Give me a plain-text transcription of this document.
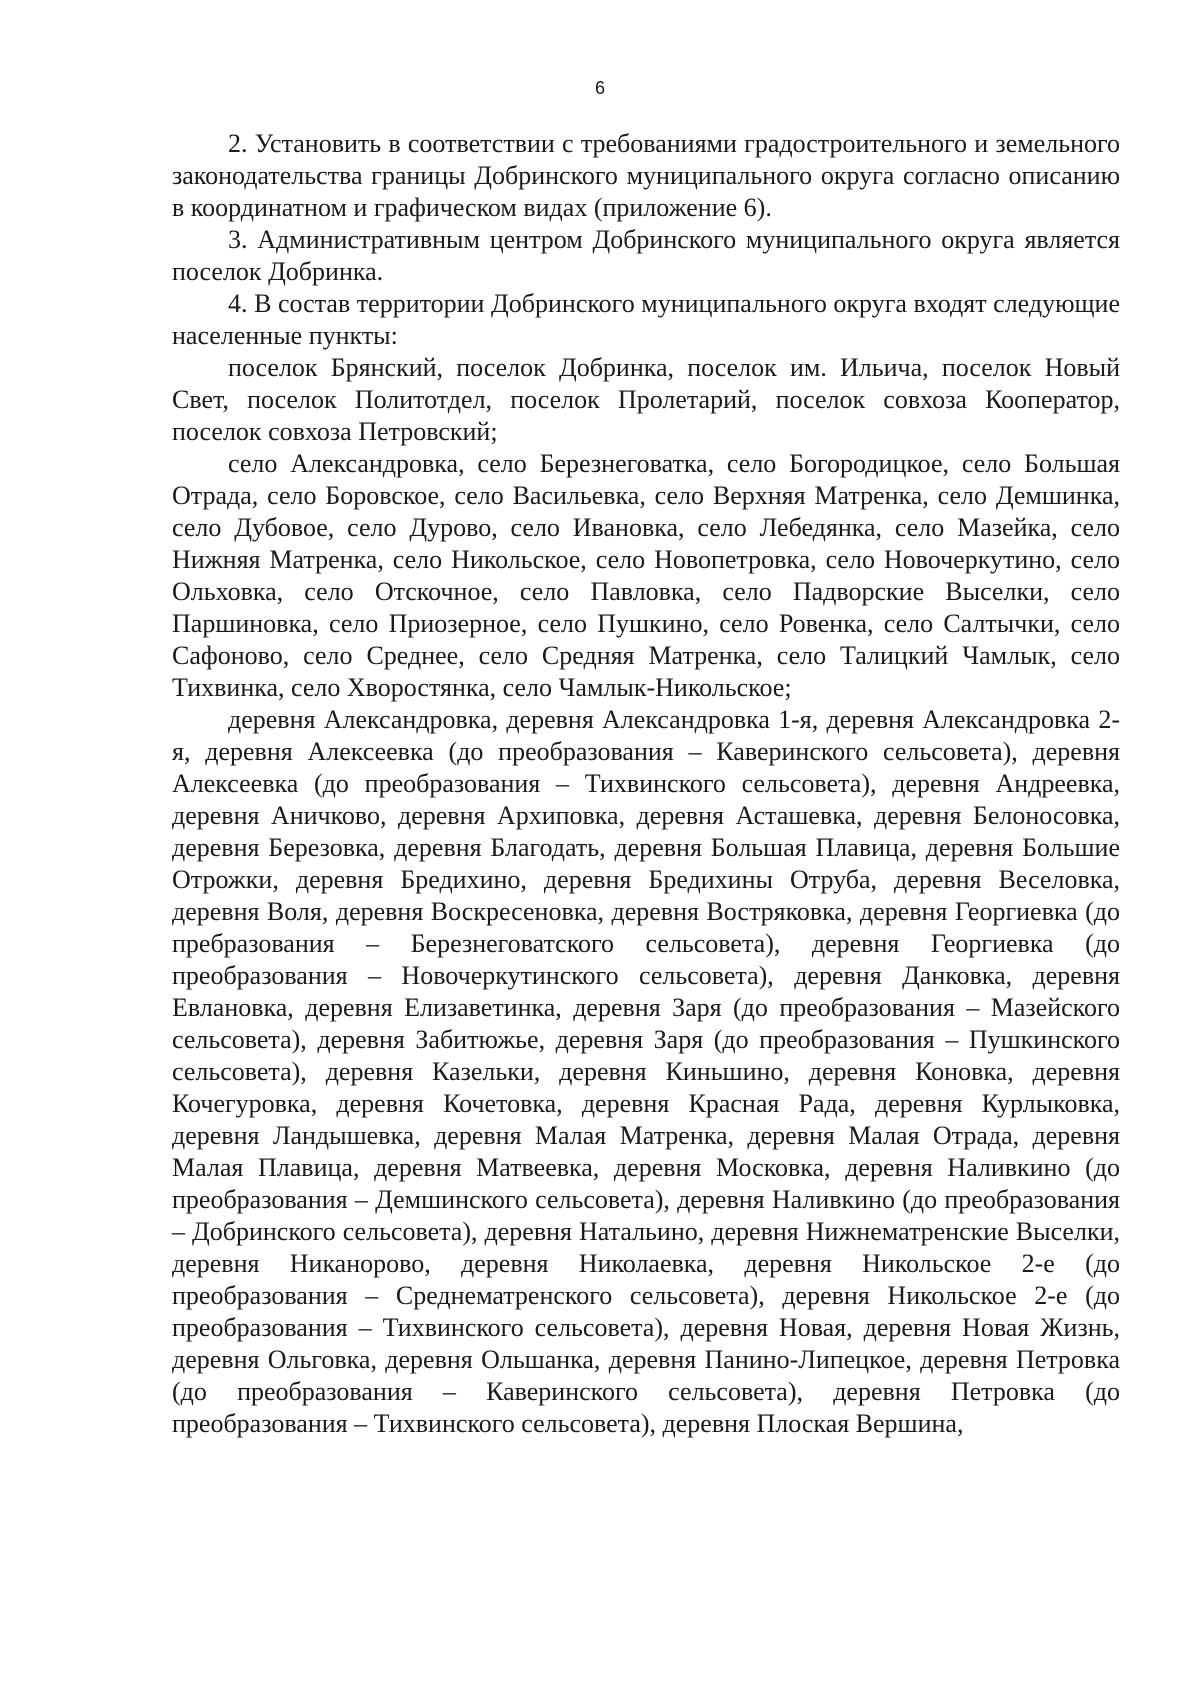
6

2. Установить в соответствии с требованиями градостроительного и земельного законодательства границы Добринского муниципального округа согласно описанию в координатном и графическом видах (приложение 6).

3. Административным центром Добринского муниципального округа является поселок Добринка.

4. В состав территории Добринского муниципального округа входят следующие населенные пункты:

поселок Брянский, поселок Добринка, поселок им. Ильича, поселок Новый Свет, поселок Политотдел, поселок Пролетарий, поселок совхоза Кооператор, поселок совхоза Петровский;

село Александровка, село Березнеговатка, село Богородицкое, село Большая Отрада, село Боровское, село Васильевка, село Верхняя Матренка, село Демшинка, село Дубовое, село Дурово, село Ивановка, село Лебедянка, село Мазейка, село Нижняя Матренка, село Никольское, село Новопетровка, село Новочеркутино, село Ольховка, село Отскочное, село Павловка, село Падворские Выселки, село Паршиновка, село Приозерное, село Пушкино, село Ровенка, село Салтычки, село Сафоново, село Среднее, село Средняя Матренка, село Талицкий Чамлык, село Тихвинка, село Хворостянка, село Чамлык-Никольское;

деревня Александровка, деревня Александровка 1-я, деревня Александровка 2-я, деревня Алексеевка (до преобразования – Каверинского сельсовета), деревня Алексеевка (до преобразования – Тихвинского сельсовета), деревня Андреевка, деревня Аничково, деревня Архиповка, деревня Асташевка, деревня Белоносовка, деревня Березовка, деревня Благодать, деревня Большая Плавица, деревня Большие Отрожки, деревня Бредихино, деревня Бредихины Отруба, деревня Веселовка, деревня Воля, деревня Воскресеновка, деревня Востряковка, деревня Георгиевка (до пребразования – Березнеговатского сельсовета), деревня Георгиевка (до преобразования – Новочеркутинского сельсовета), деревня Данковка, деревня Евлановка, деревня Елизаветинка, деревня Заря (до преобразования – Мазейского сельсовета), деревня Забитюжье, деревня Заря (до преобразования – Пушкинского сельсовета), деревня Казельки, деревня Киньшино, деревня Коновка, деревня Кочегуровка, деревня Кочетовка, деревня Красная Рада, деревня Курлыковка, деревня Ландышевка, деревня Малая Матренка, деревня Малая Отрада, деревня Малая Плавица, деревня Матвеевка, деревня Московка, деревня Наливкино (до преобразования – Демшинского сельсовета), деревня Наливкино (до преобразования – Добринского сельсовета), деревня Натальино, деревня Нижнематренские Выселки, деревня Никанорово, деревня Николаевка, деревня Никольское 2-е (до преобразования – Среднематренского сельсовета), деревня Никольское 2-е (до преобразования – Тихвинского сельсовета), деревня Новая, деревня Новая Жизнь, деревня Ольговка, деревня Ольшанка, деревня Панино-Липецкое, деревня Петровка (до преобразования – Каверинского сельсовета), деревня Петровка (до преобразования – Тихвинского сельсовета), деревня Плоская Вершина,
